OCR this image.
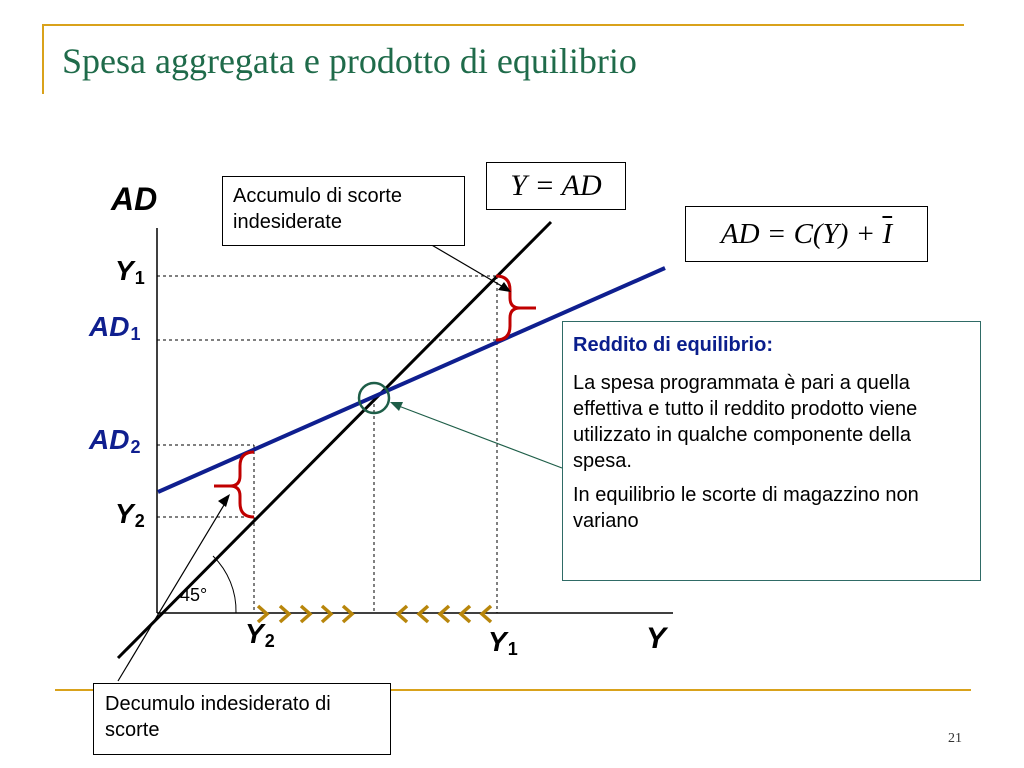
Spesa aggregata e prodotto di equilibrio
AD
Y
$Y_1$
$AD_1$
$AD_2$
$Y_2$
$Y_2$	$Y_1$
45°
Y = AD
AD = $C(Y) + \overline{I}$
Accumulo di scorte indesiderate
Decumulo indesiderato di scorte
Reddito di equilibrio:
La spesa programmata è pari a quella effettiva e tutto il reddito prodotto viene utilizzato in qualche componente della spesa.
In equilibrio le scorte di magazzino non variano
21
